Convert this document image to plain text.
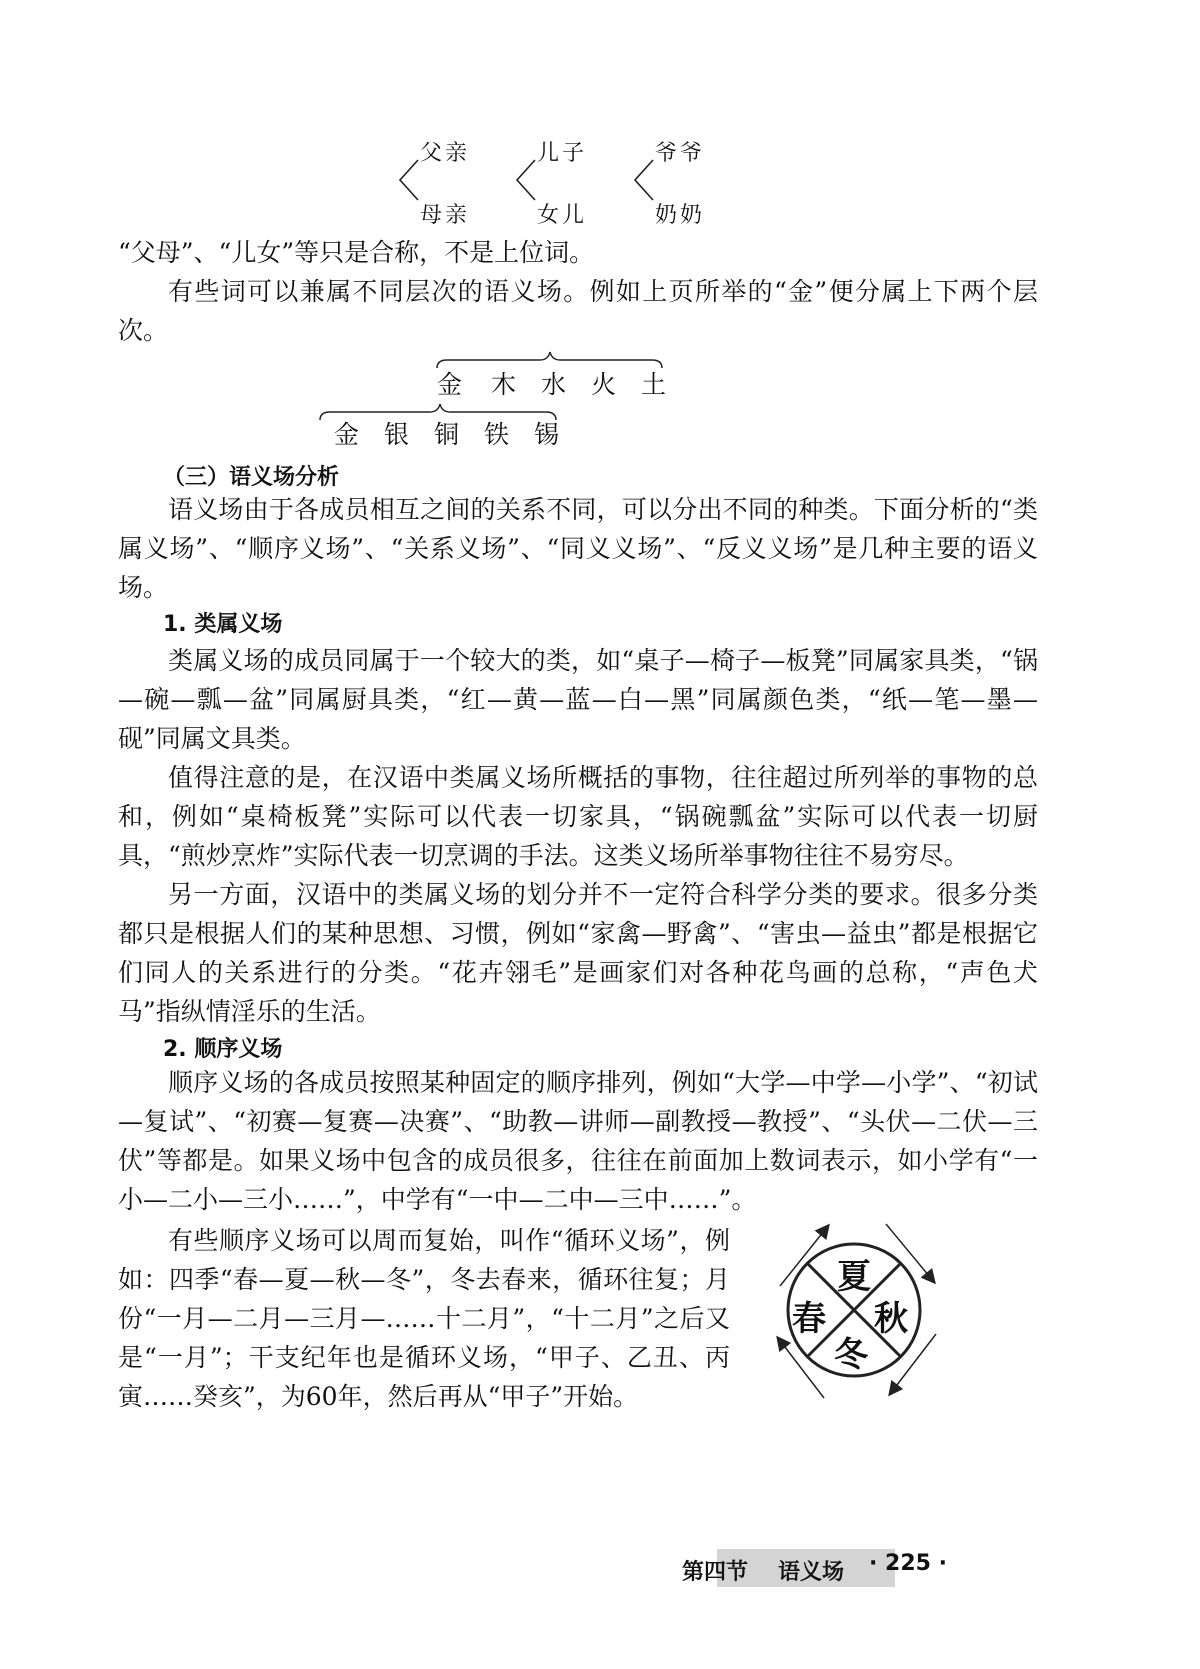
父亲
母亲
儿子
女儿
爷爷
奶奶
“父母”、“儿女”等只是合称，不是上位词。
有些词可以兼属不同层次的语义场。例如上页所举的“金”便分属上下两个层次。
金 木 水 火 土
金 银 铜 铁 锡
（三）语义场分析
语义场由于各成员相互之间的关系不同，可以分出不同的种类。下面分析的“类属义场”、“顺序义场”、“关系义场”、“同义义场”、“反义义场”是几种主要的语义场。
1. 类属义场
类属义场的成员同属于一个较大的类，如“桌子—椅子—板凳”同属家具类，“锅—碗—瓢—盆”同属厨具类，“红—黄—蓝—白—黑”同属颜色类，“纸—笔—墨—砚”同属文具类。
值得注意的是，在汉语中类属义场所概括的事物，往往超过所列举的事物的总和，例如“桌椅板凳”实际可以代表一切家具，“锅碗瓢盆”实际可以代表一切厨具，“煎炒烹炸”实际代表一切烹调的手法。这类义场所举事物往往不易穷尽。
另一方面，汉语中的类属义场的划分并不一定符合科学分类的要求。很多分类都只是根据人们的某种思想、习惯，例如“家禽—野禽”、“害虫—益虫”都是根据它们同人的关系进行的分类。“花卉翎毛”是画家们对各种花鸟画的总称，“声色犬马”指纵情淫乐的生活。
2. 顺序义场
顺序义场的各成员按照某种固定的顺序排列，例如“大学—中学—小学”、“初试—复试”、“初赛—复赛—决赛”、“助教—讲师—副教授—教授”、“头伏—二伏—三伏”等都是。如果义场中包含的成员很多，往往在前面加上数词表示，如小学有“一小—二小—三小……”，中学有“一中—二中—三中……”。
有些顺序义场可以周而复始，叫作“循环义场”，例如：四季“春—夏—秋—冬”，冬去春来，循环往复；月份“一月—二月—三月—……十二月”，“十二月”之后又是“一月”；干支纪年也是循环义场，“甲子、乙丑、丙寅……癸亥”，为60年，然后再从“甲子”开始。
夏
春 秋
冬
第四节 语义场 · 225 ·
